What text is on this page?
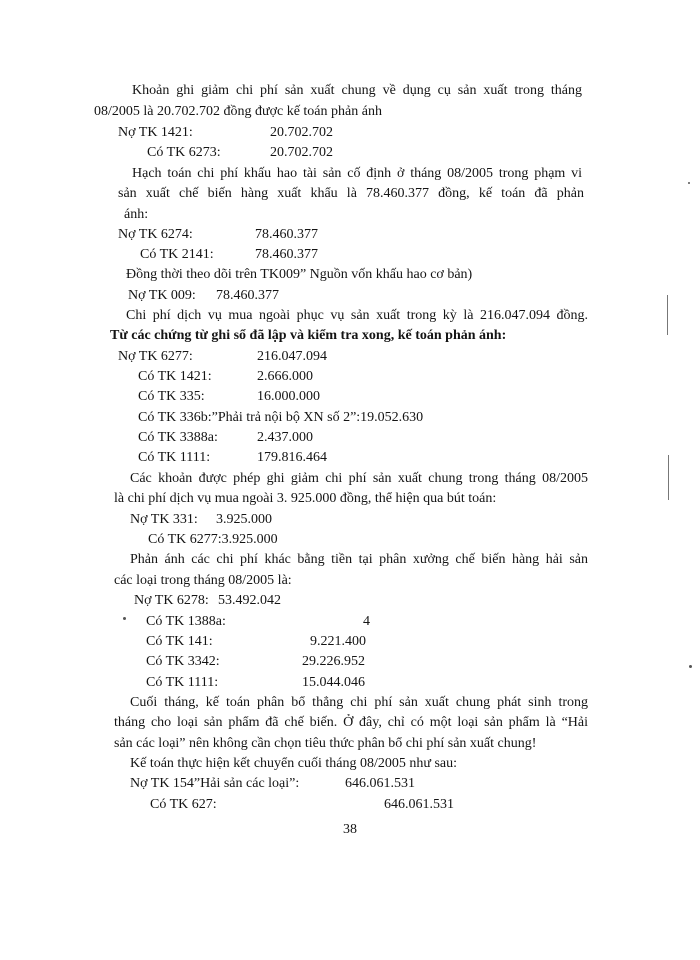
Khoản ghi giảm chi phí sản xuất chung về dụng cụ sản xuất trong tháng
08/2005 là 20.702.702 đồng được kế toán phản ánh
Nợ TK 1421:	20.702.702
Có TK 6273:	20.702.702
Hạch toán chi phí khấu hao tài sản cố định ở tháng 08/2005 trong phạm vi
sản xuất chế biến hàng xuất khẩu là 78.460.377 đồng, kế toán đã phản
ánh:
Nợ TK 6274:	78.460.377
Có TK 2141:	78.460.377
Đồng thời theo dõi trên TK009” Nguồn vốn khấu hao cơ bản)
Nợ TK 009: 78.460.377
Chi phí dịch vụ mua ngoài phục vụ sản xuất trong kỳ là 216.047.094 đồng.
Từ các chứng từ ghi sổ đã lập và kiểm tra xong, kế toán phản ánh:
Nợ TK 6277:	216.047.094
Có TK 1421:	2.666.000
Có TK 335:	16.000.000
Có TK 336b:”Phải trả nội bộ XN số 2”:19.052.630
Có TK 3388a:	2.437.000
Có TK 1111:	179.816.464
Các khoản được phép ghi giảm chi phí sản xuất chung trong tháng 08/2005
là chi phí dịch vụ mua ngoài 3. 925.000 đồng, thể hiện qua bút toán:
Nợ TK 331: 3.925.000
Có TK 6277:3.925.000
Phản ánh các chi phí khác bằng tiền tại phân xưởng chế biến hàng hải sản
các loại trong tháng 08/2005 là:
Nợ TK 6278: 53.492.042
Có TK 1388a:	4
Có TK 141:	9.221.400
Có TK 3342:	29.226.952
Có TK 1111:	15.044.046
Cuối tháng, kế toán phân bổ thẳng chi phí sản xuất chung phát sinh trong
tháng cho loại sản phẩm đã chế biến. Ở đây, chỉ có một loại sản phẩm là “Hải
sản các loại” nên không cần chọn tiêu thức phân bổ chi phí sản xuất chung!
Kế toán thực hiện kết chuyển cuối tháng 08/2005 như sau:
Nợ TK 154”Hải sản các loại”:	646.061.531
Có TK 627:	646.061.531
38
